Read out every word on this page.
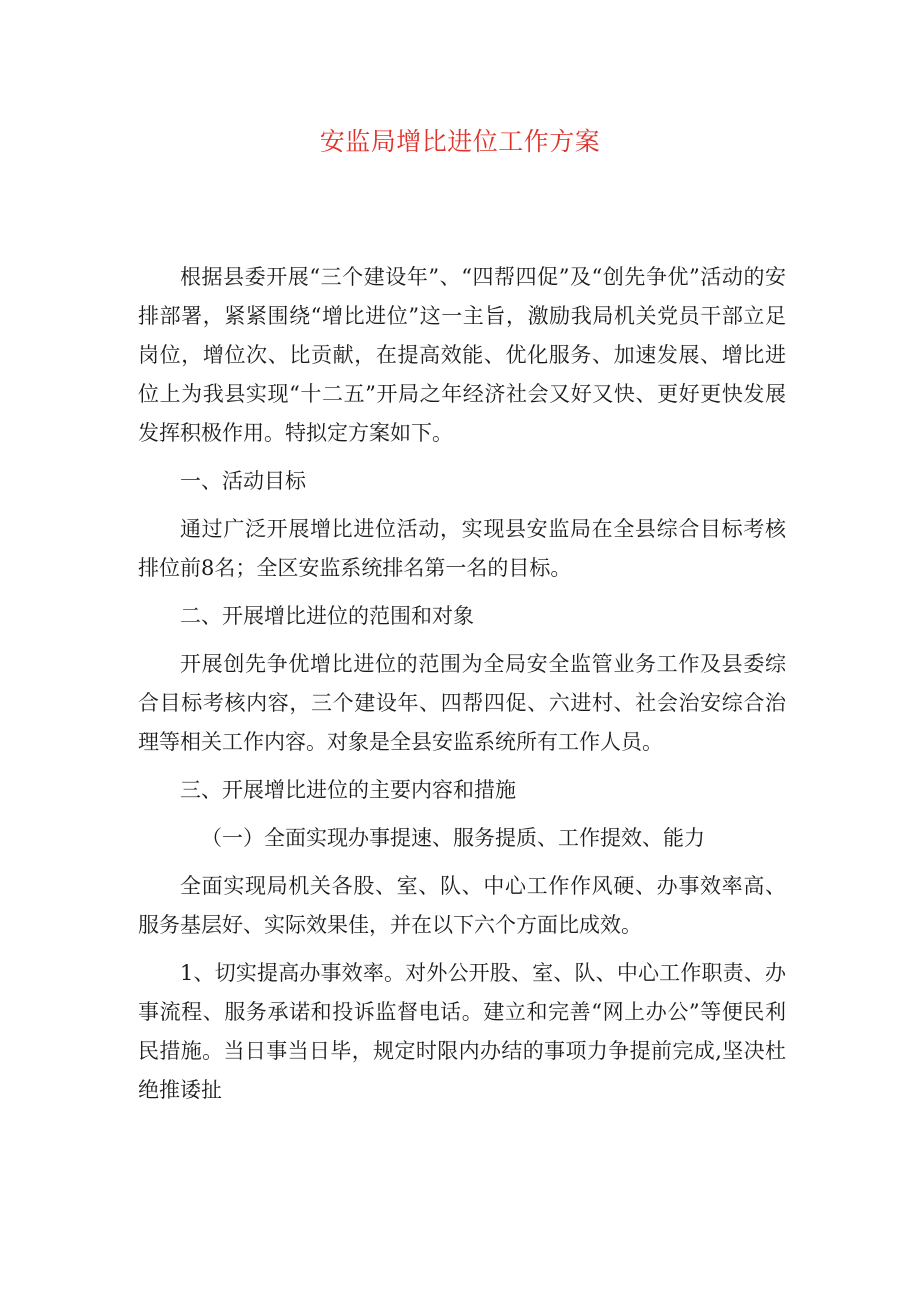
安监局增比进位工作方案

根据县委开展“三个建设年”、“四帮四促”及“创先争优”活动的安排部署，紧紧围绕“增比进位”这一主旨，激励我局机关党员干部立足岗位，增位次、比贡献，在提高效能、优化服务、加速发展、增比进位上为我县实现“十二五”开局之年经济社会又好又快、更好更快发展发挥积极作用。特拟定方案如下。

一、活动目标

通过广泛开展增比进位活动，实现县安监局在全县综合目标考核排位前8名；全区安监系统排名第一名的目标。

二、开展增比进位的范围和对象

开展创先争优增比进位的范围为全局安全监管业务工作及县委综合目标考核内容，三个建设年、四帮四促、六进村、社会治安综合治理等相关工作内容。对象是全县安监系统所有工作人员。

三、开展增比进位的主要内容和措施

（一）全面实现办事提速、服务提质、工作提效、能力

全面实现局机关各股、室、队、中心工作作风硬、办事效率高、服务基层好、实际效果佳，并在以下六个方面比成效。

1、切实提高办事效率。对外公开股、室、队、中心工作职责、办事流程、服务承诺和投诉监督电话。建立和完善“网上办公”等便民利民措施。当日事当日毕，规定时限内办结的事项力争提前完成,坚决杜绝推诿扯
